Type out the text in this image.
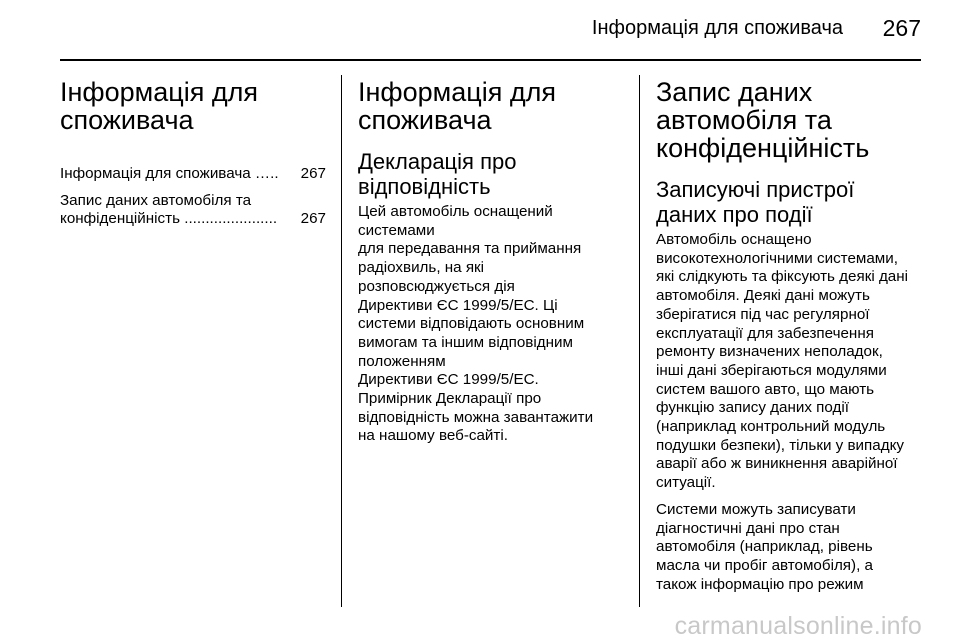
Інформація для споживача 267
Інформація для
споживача
Інформація для споживача …..	267
Запис даних автомобіля та
конфіденційність ......................	267
Інформація для
споживача
Декларація про
відповідність

Цей автомобіль оснащений
системами
для передавання та приймання
радіохвиль, на які
розповсюджується дія
Директиви ЄС 1999/5/ЕС. Ці
системи відповідають основним
вимогам та іншим відповідним
положенням
Директиви ЄС 1999/5/ЕС.
Примірник Декларації про
відповідність можна завантажити
на нашому веб-сайті.

Запис даних
автомобіля та
конфіденційність
Записуючі пристрої
даних про події

Автомобіль оснащено
високотехнологічними системами,
які слідкують та фіксують деякі дані
автомобіля. Деякі дані можуть
зберігатися під час регулярної
експлуатації для забезпечення
ремонту визначених неполадок,
інші дані зберігаються модулями
систем вашого авто, що мають
функцію запису даних події
(наприклад контрольний модуль
подушки безпеки), тільки у випадку
аварії або ж виникнення аварійної
ситуації.

Системи можуть записувати
діагностичні дані про стан
автомобіля (наприклад, рівень
масла чи пробіг автомобіля), а
також інформацію про режим

carmanualsonline.info
